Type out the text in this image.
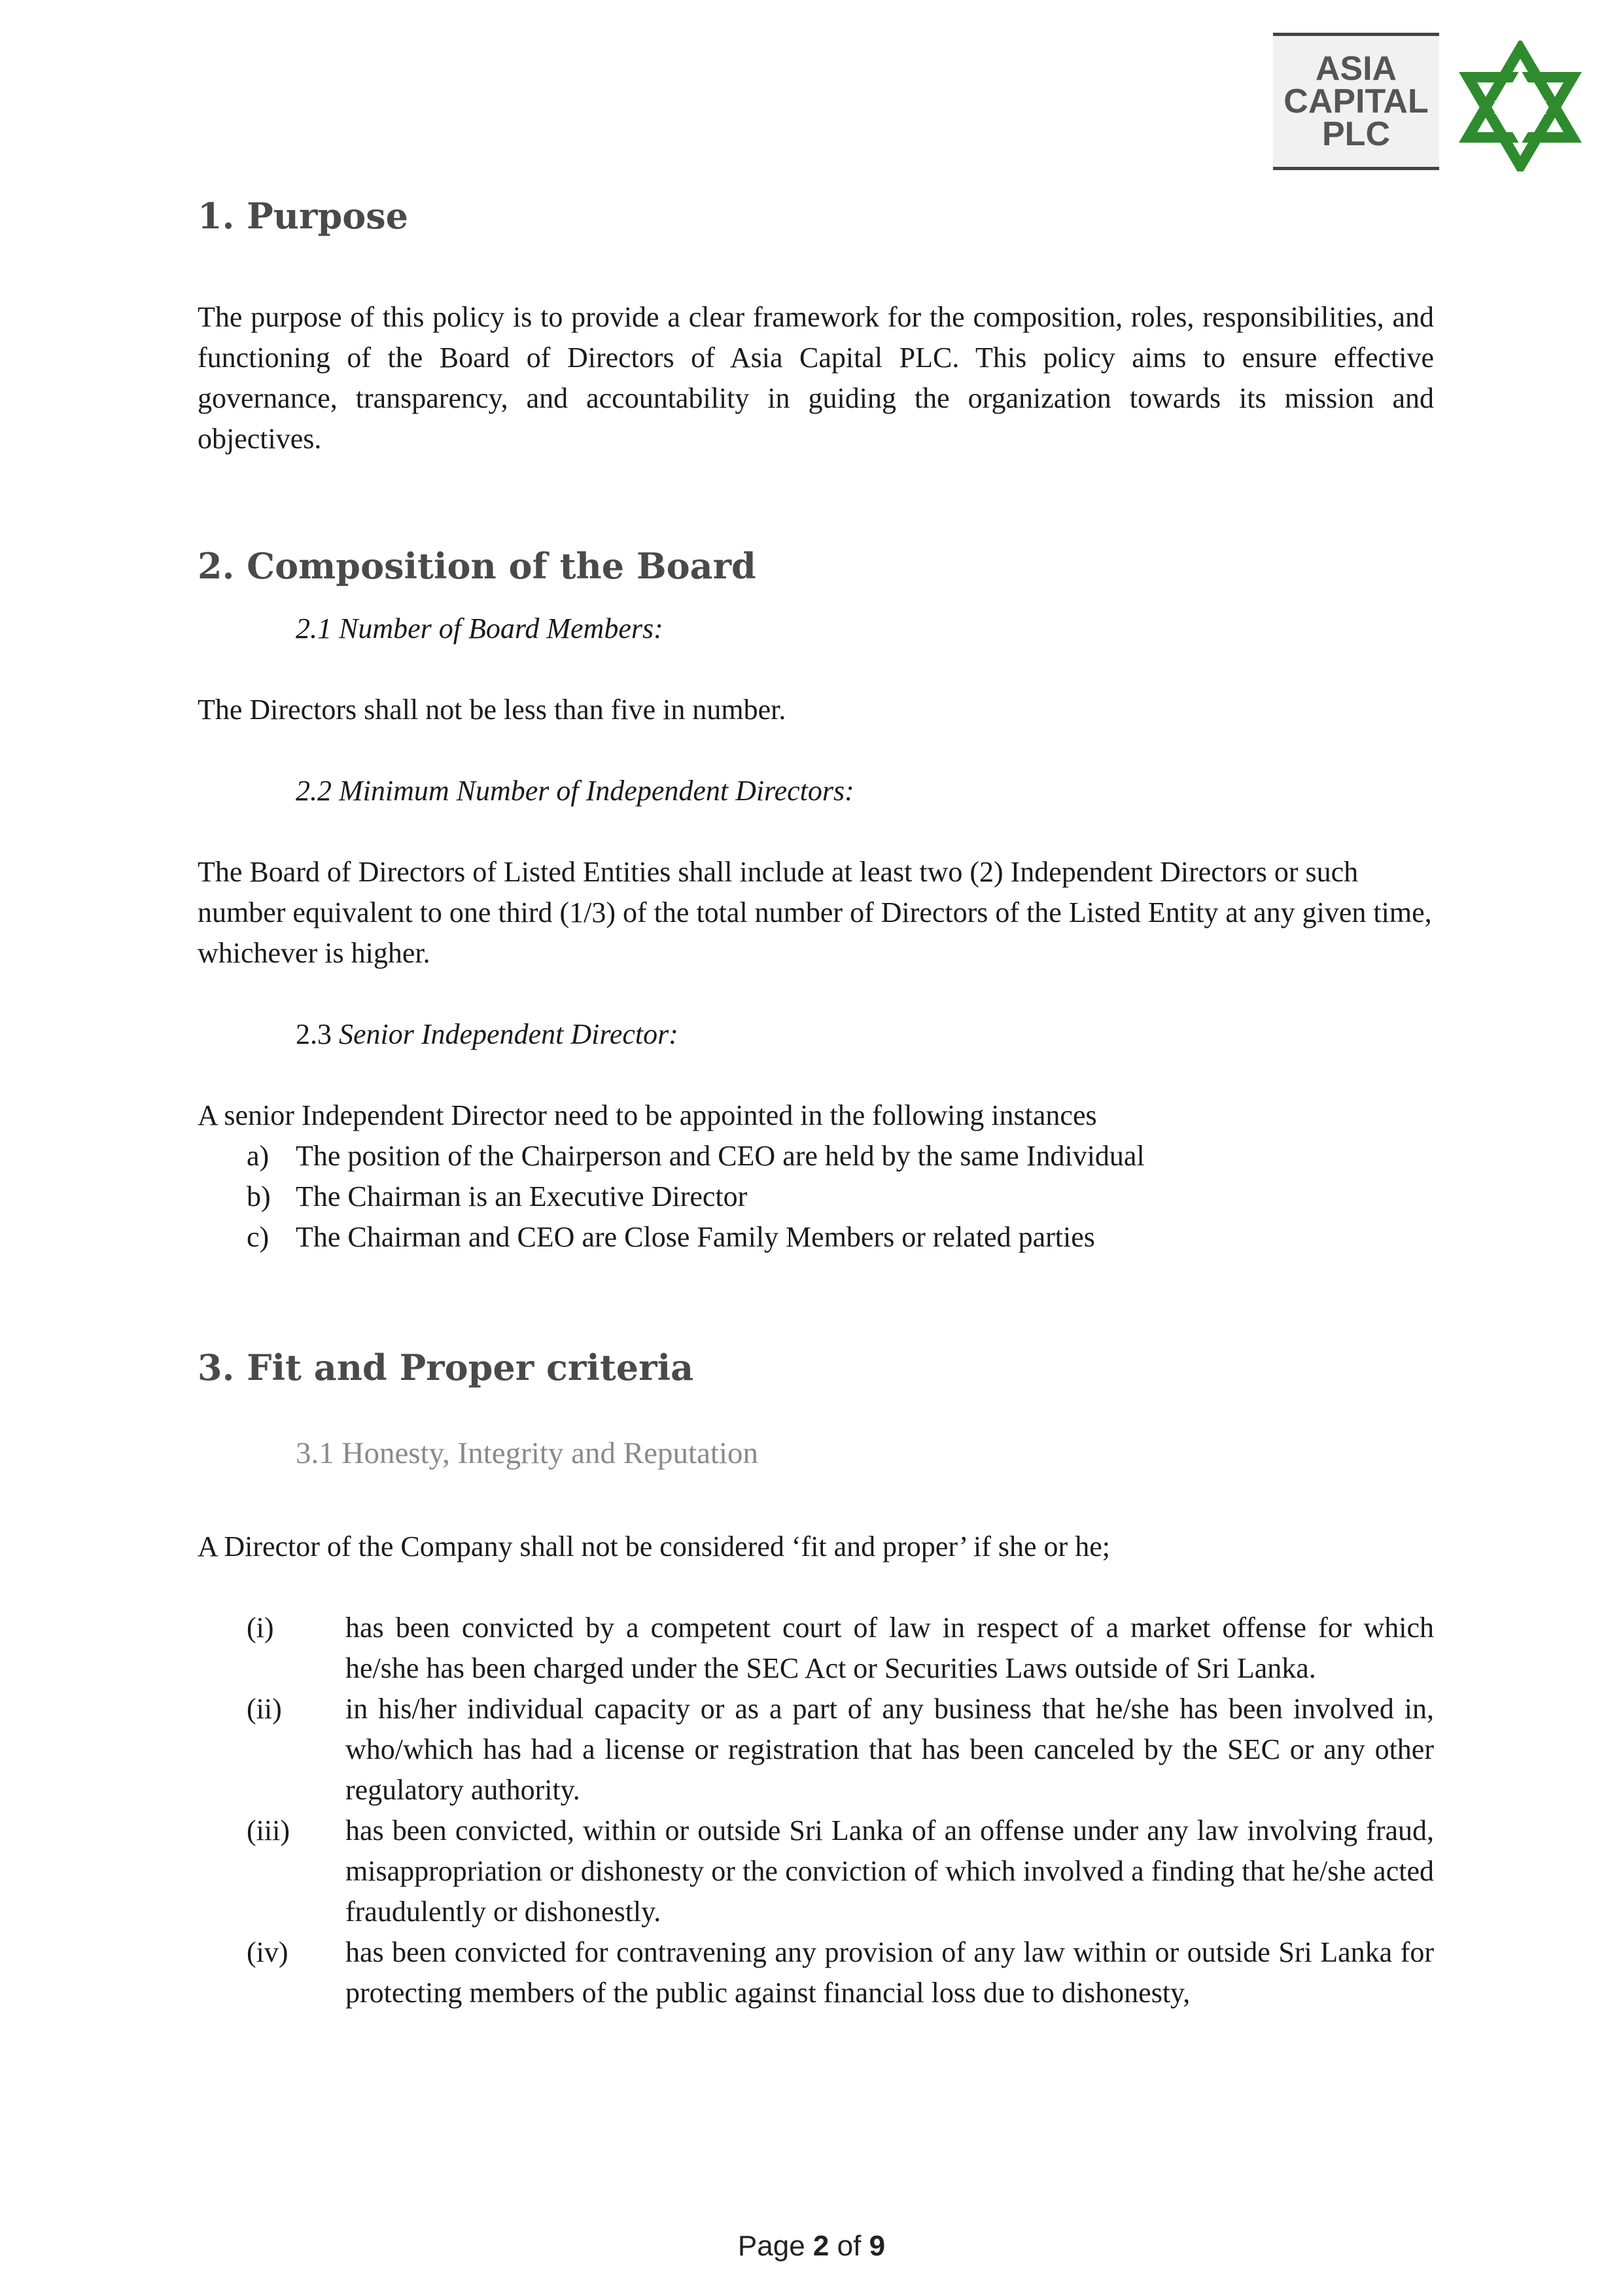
ASIA
CAPITAL
PLC
1. Purpose

The purpose of this policy is to provide a clear framework for the composition, roles, responsibilities, and functioning of the Board of Directors of Asia Capital PLC. This policy aims to ensure effective governance, transparency, and accountability in guiding the organization towards its mission and objectives.

2. Composition of the Board

2.1 Number of Board Members:

The Directors shall not be less than five in number.

2.2 Minimum Number of Independent Directors:

The Board of Directors of Listed Entities shall include at least two (2) Independent Directors or such number equivalent to one third (1/3) of the total number of Directors of the Listed Entity at any given time, whichever is higher.

2.3 Senior Independent Director:

A senior Independent Director need to be appointed in the following instances

a) The position of the Chairperson and CEO are held by the same Individual
b) The Chairman is an Executive Director
c) The Chairman and CEO are Close Family Members or related parties
3. Fit and Proper criteria

3.1 Honesty, Integrity and Reputation

A Director of the Company shall not be considered ‘fit and proper’ if she or he;

(i) has been convicted by a competent court of law in respect of a market offense for which he/she has been charged under the SEC Act or Securities Laws outside of Sri Lanka.
(ii) in his/her individual capacity or as a part of any business that he/she has been involved in, who/which has had a license or registration that has been canceled by the SEC or any other regulatory authority.
(iii) has been convicted, within or outside Sri Lanka of an offense under any law involving fraud, misappropriation or dishonesty or the conviction of which involved a finding that he/she acted fraudulently or dishonestly.
(iv) has been convicted for contravening any provision of any law within or outside Sri Lanka for protecting members of the public against financial loss due to dishonesty,
Page 2 of 9
